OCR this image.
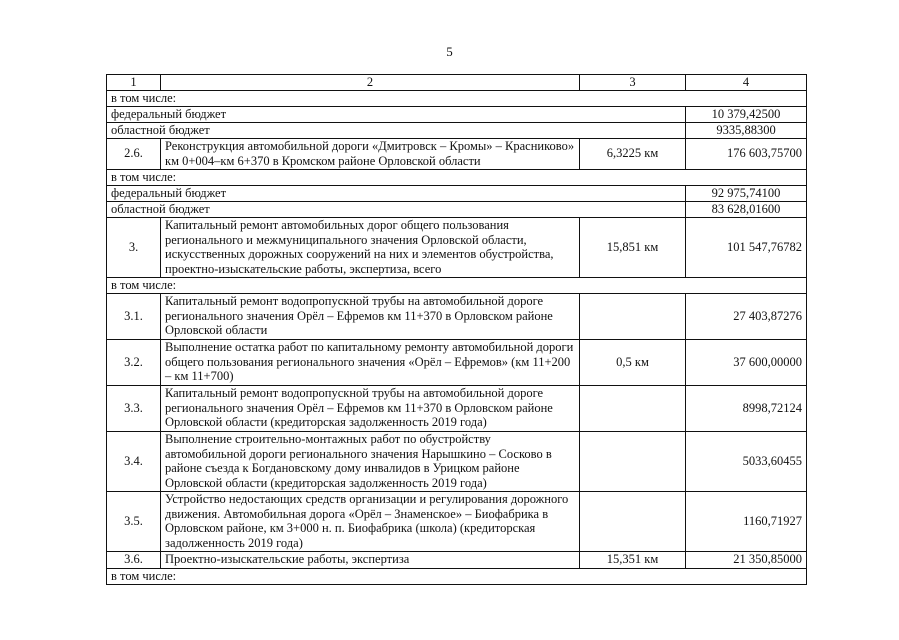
5
1	2	3	4
в том числе:			
федеральный бюджет			10 379,42500
областной бюджет			9335,88300
2.6.	Реконструкция автомобильной дороги «Дмитровск – Кромы» – Красниково» км 0+004–км 6+370 в Кромском районе Орловской области	6,3225 км	176 603,75700
в том числе:			
федеральный бюджет			92 975,74100
областной бюджет			83 628,01600
3.	Капитальный ремонт автомобильных дорог общего пользования регионального и межмуниципального значения Орловской области, искусственных дорожных сооружений на них и элементов обустройства, проектно-изыскательские работы, экспертиза, всего	15,851 км	101 547,76782
в том числе:			
3.1.	Капитальный ремонт водопропускной трубы на автомобильной дороге регионального значения Орёл – Ефремов км 11+370 в Орловском районе Орловской области		27 403,87276
3.2.	Выполнение остатка работ по капитальному ремонту автомобильной дороги общего пользования регионального значения «Орёл – Ефремов» (км 11+200 – км 11+700)	0,5 км	37 600,00000
3.3.	Капитальный ремонт водопропускной трубы на автомобильной дороге регионального значения Орёл – Ефремов км 11+370 в Орловском районе Орловской области (кредиторская задолженность 2019 года)		8998,72124
3.4.	Выполнение строительно-монтажных работ по обустройству автомобильной дороги регионального значения Нарышкино – Сосково в районе съезда к Богдановскому дому инвалидов в Урицком районе Орловской области (кредиторская задолженность 2019 года)		5033,60455
3.5.	Устройство недостающих средств организации и регулирования дорожного движения. Автомобильная дорога «Орёл – Знаменское» – Биофабрика в Орловском районе, км 3+000 н. п. Биофабрика (школа) (кредиторская задолженность 2019 года)		1160,71927
3.6.	Проектно-изыскательские работы, экспертиза	15,351 км	21 350,85000
в том числе:			
